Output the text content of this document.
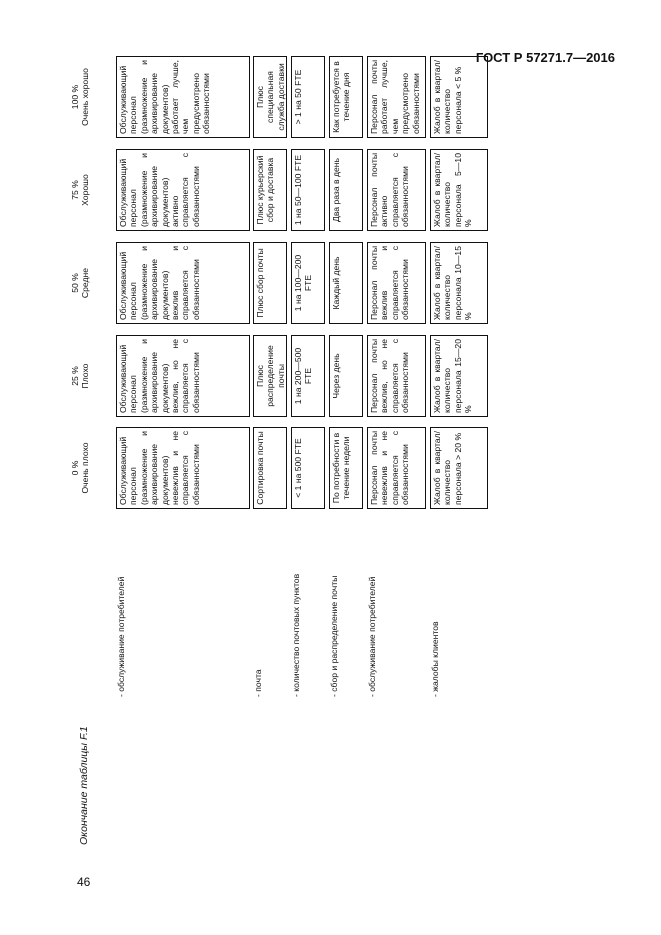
ГОСТ Р 57271.7—2016
46
Окончание таблицы F.1
0 % Очень плохо
25 % Плохо
50 % Средне
75 % Хорошо
100 % Очень хорошо
- обслуживание потребителей
Обслуживающий персонал (размножение и архивирование документов) невежлив и не справляется с обязанностями
Обслуживающий персонал (размножение и архивирование документов) вежлив, но не справляется с обязанностями
Обслуживающий персонал (размножение и архивирование документов) вежлив и справляется с обязанностями
Обслуживающий персонал (размножение и архивирование документов) активно справляется с обязанностями
Обслуживающий персонал (размножение и архивирование документов) работает лучше, чем предусмотрено обязанностями
- почта
Сортировка почты
Плюс распределение почты
Плюс сбор почты
Плюс курьерский сбор и доставка
Плюс специальная служба доставки
- количество почтовых пунктов
< 1 на 500 FTE
1 на 200—500 FTE
1 на 100—200 FTE
1 на 50—100 FTE
> 1 на 50 FTE
- сбор и распределение почты
По потребности в течение недели
Через день
Каждый день
Два раза в день
Как потребуется в течение дня
- обслуживание потребителей
Персонал почты невежлив и не справляется с обязанностями
Персонал почты вежлив, но не справляется с обязанностями
Персонал почты вежлив и справляется с обязанностями
Персонал почты активно справляется с обязанностями
Персонал почты работает лучше, чем предусмотрено обязанностями
- жалобы клиентов
Жалоб в квартал/количество персонала > 20 %
Жалоб в квартал/количество персонала 15—20 %
Жалоб в квартал/количество персонала 10—15 %
Жалоб в квартал/количество персонала 5—10 %
Жалоб в квартал/количество персонала < 5 %
